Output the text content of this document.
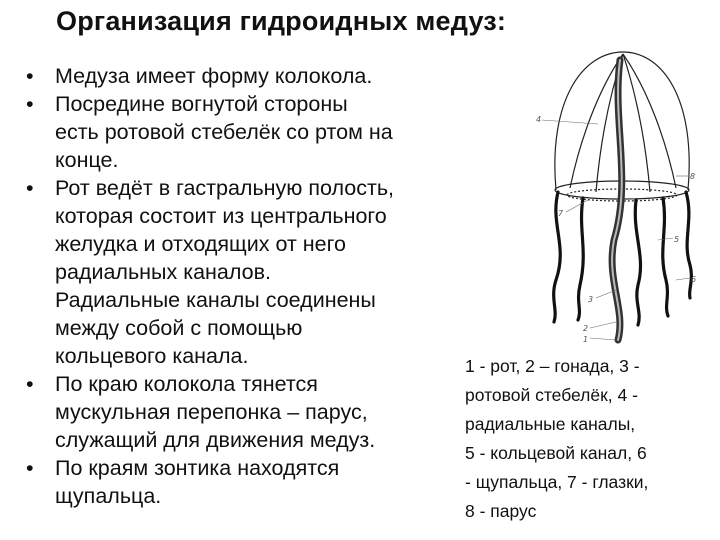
Организация гидроидных медуз:
• Медуза имеет форму колокола.
• Посредине вогнутой стороны
есть ротовой стебелёк со ртом на
конце.
• Рот ведёт в гастральную полость,
которая состоит из центрального
желудка и отходящих от него
радиальных каналов.
Радиальные каналы соединены
между собой с помощью
кольцевого канала.
• По краю колокола тянется
мускульная перепонка – парус,
служащий для движения медуз.
• По краям зонтика находятся
щупальца.
4
8
7
5
6
3
2
1
1 - рот, 2 – гонада, 3 -
ротовой стебелёк, 4 -
радиальные каналы,
5 - кольцевой канал, 6
- щупальца, 7 - глазки,
8 - парус
